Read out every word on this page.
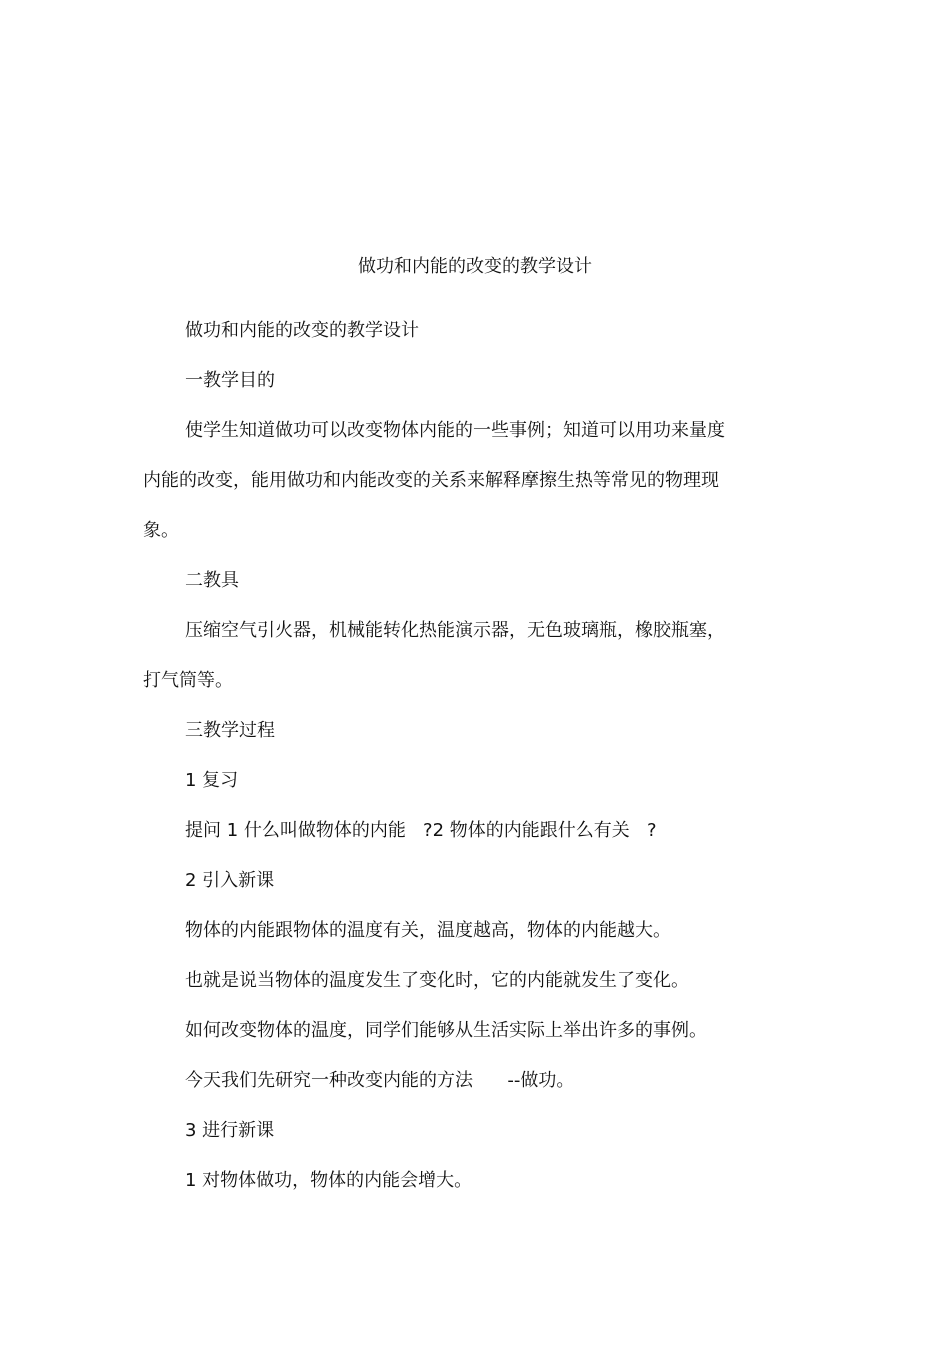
做功和内能的改变的教学设计
做功和内能的改变的教学设计
一教学目的
使学生知道做功可以改变物体内能的一些事例；知道可以用功来量度
内能的改变，能用做功和内能改变的关系来解释摩擦生热等常见的物理现
象。
二教具
压缩空气引火器，机械能转化热能演示器，无色玻璃瓶，橡胶瓶塞，
打气筒等。
三教学过程
1 复习
提问 1 什么叫做物体的内能   ?2 物体的内能跟什么有关   ?
2 引入新课
物体的内能跟物体的温度有关，温度越高，物体的内能越大。
也就是说当物体的温度发生了变化时，它的内能就发生了变化。
如何改变物体的温度，同学们能够从生活实际上举出许多的事例。
今天我们先研究一种改变内能的方法      --做功。
3 进行新课
1 对物体做功，物体的内能会增大。
